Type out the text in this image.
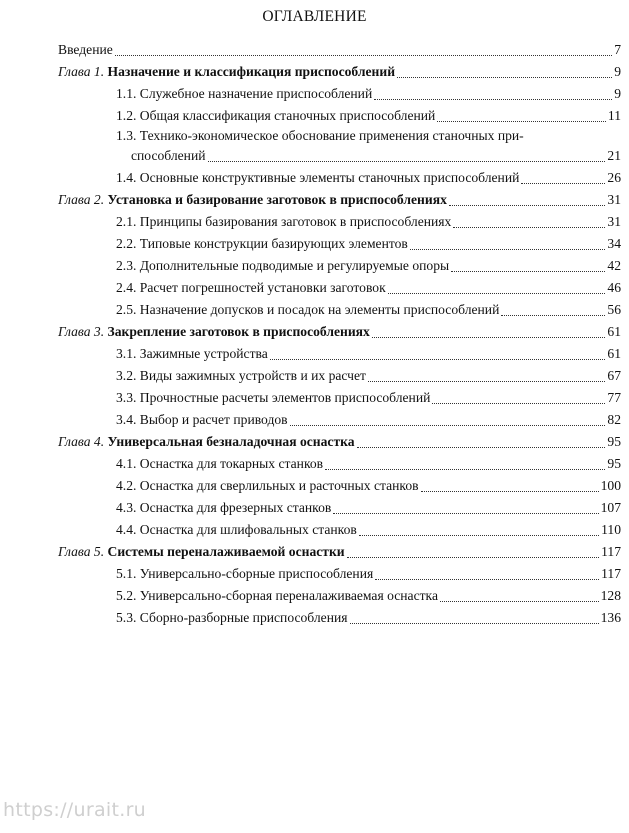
ОГЛАВЛЕНИЕ
Введение	7
Глава 1. Назначение и классификация приспособлений	9
1.1. Служебное назначение приспособлений	9
1.2. Общая классификация станочных приспособлений	11
1.3. Технико-экономическое обоснование применения станочных при-
способлений	21
1.4. Основные конструктивные элементы станочных приспособлений	26
Глава 2. Установка и базирование заготовок в приспособлениях	31
2.1. Принципы базирования заготовок в приспособлениях	31
2.2. Типовые конструкции базирующих элементов	34
2.3. Дополнительные подводимые и регулируемые опоры	42
2.4. Расчет погрешностей установки заготовок	46
2.5. Назначение допусков и посадок на элементы приспособлений	56
Глава 3. Закрепление заготовок в приспособлениях	61
3.1. Зажимные устройства	61
3.2. Виды зажимных устройств и их расчет	67
3.3. Прочностные расчеты элементов приспособлений	77
3.4. Выбор и расчет приводов	82
Глава 4. Универсальная безналадочная оснастка	95
4.1. Оснастка для токарных станков	95
4.2. Оснастка для сверлильных и расточных станков	100
4.3. Оснастка для фрезерных станков	107
4.4. Оснастка для шлифовальных станков	110
Глава 5. Системы переналаживаемой оснастки	117
5.1. Универсально-сборные приспособления	117
5.2. Универсально-сборная переналаживаемая оснастка	128
5.3. Сборно-разборные приспособления	136
https://urait.ru
